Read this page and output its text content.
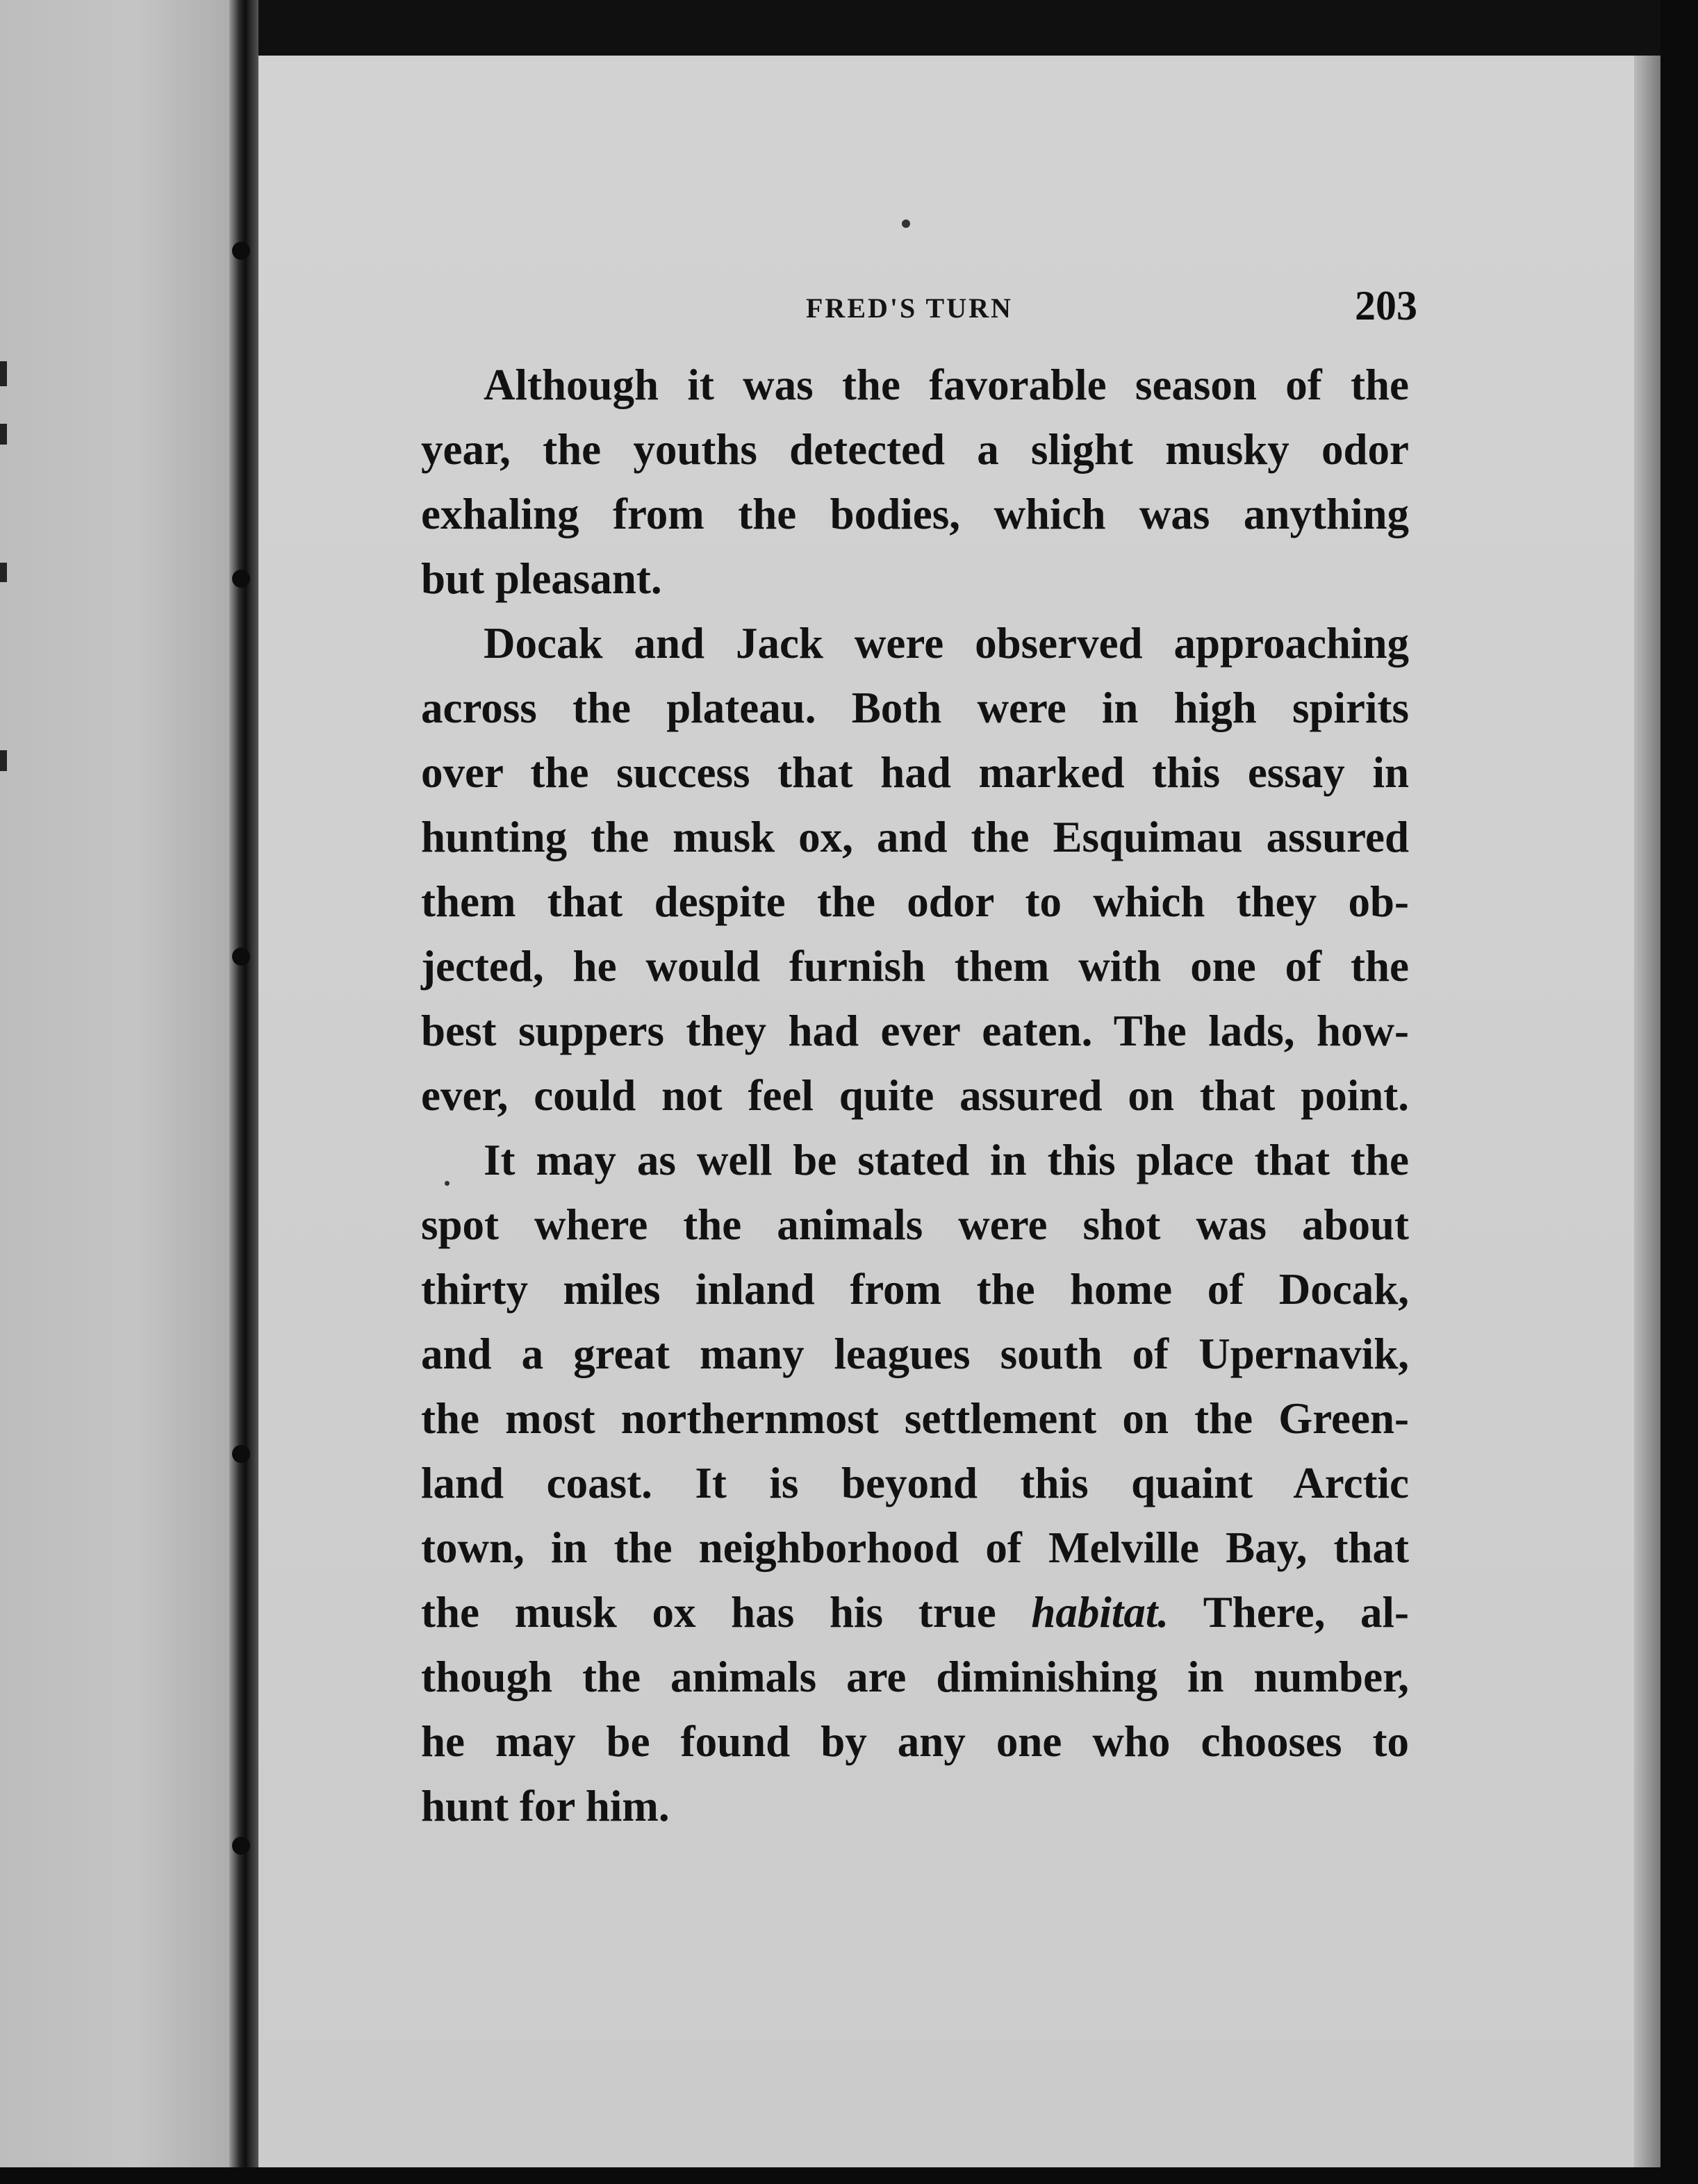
FRED'S TURN	203

Although it was the favorable season of the
year, the youths detected a slight musky odor
exhaling from the bodies, which was anything
but pleasant.

Docak and Jack were observed approaching
across the plateau. Both were in high spirits
over the success that had marked this essay in
hunting the musk ox, and the Esquimau assured
them that despite the odor to which they ob-
jected, he would furnish them with one of the
best suppers they had ever eaten. The lads, how-
ever, could not feel quite assured on that point.

It may as well be stated in this place that the
spot where the animals were shot was about
thirty miles inland from the home of Docak,
and a great many leagues south of Upernavik,
the most northernmost settlement on the Green-
land coast. It is beyond this quaint Arctic
town, in the neighborhood of Melville Bay, that
the musk ox has his true habitat. There, al-
though the animals are diminishing in number,
he may be found by any one who chooses to
hunt for him.
